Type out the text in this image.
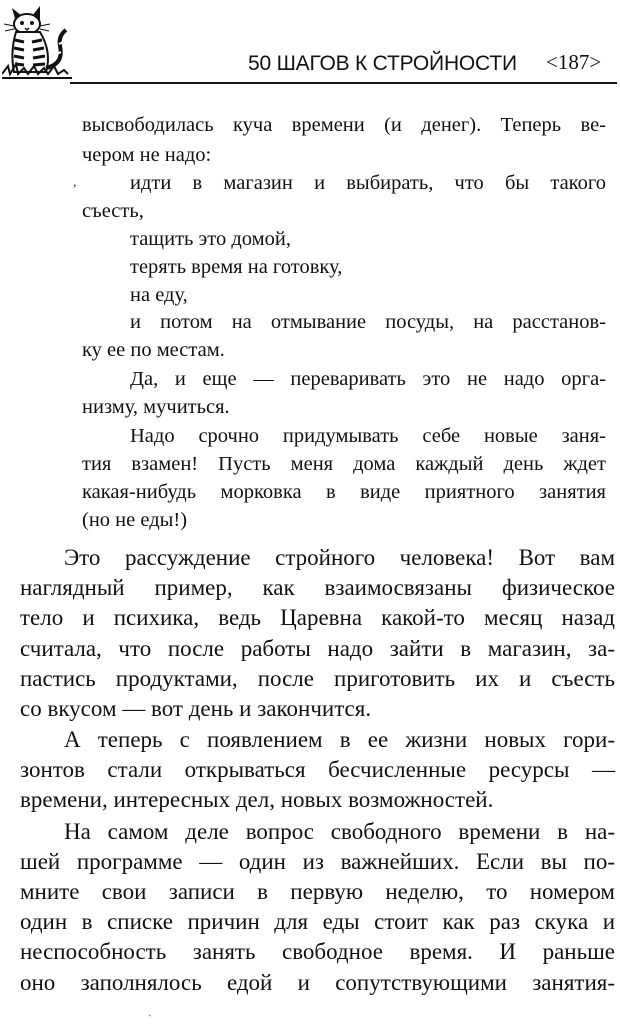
50 ШАГОВ К СТРОЙНОСТИ <187>
,
высвободилась куча времени (и денег). Теперь ве-
чером не надо:
идти в магазин и выбирать, что бы такого
съесть,
тащить это домой,
терять время на готовку,
на еду,
и потом на отмывание посуды, на расстанов-
ку ее по местам.
Да, и еще — переваривать это не надо орга-
низму, мучиться.
Надо срочно придумывать себе новые заня-
тия взамен! Пусть меня дома каждый день ждет
какая-нибудь морковка в виде приятного занятия
(но не еды!)
Это рассуждение стройного человека! Вот вам
наглядный пример, как взаимосвязаны физическое
тело и психика, ведь Царевна какой-то месяц назад
считала, что после работы надо зайти в магазин, за-
пастись продуктами, после приготовить их и съесть
со вкусом — вот день и закончится.
А теперь с появлением в ее жизни новых гори-
зонтов стали открываться бесчисленные ресурсы —
времени, интересных дел, новых возможностей.
На самом деле вопрос свободного времени в на-
шей программе — один из важнейших. Если вы по-
мните свои записи в первую неделю, то номером
один в списке причин для еды стоит как раз скука и
неспособность занять свободное время. И раньше
оно заполнялось едой и сопутствующими занятия-
`
